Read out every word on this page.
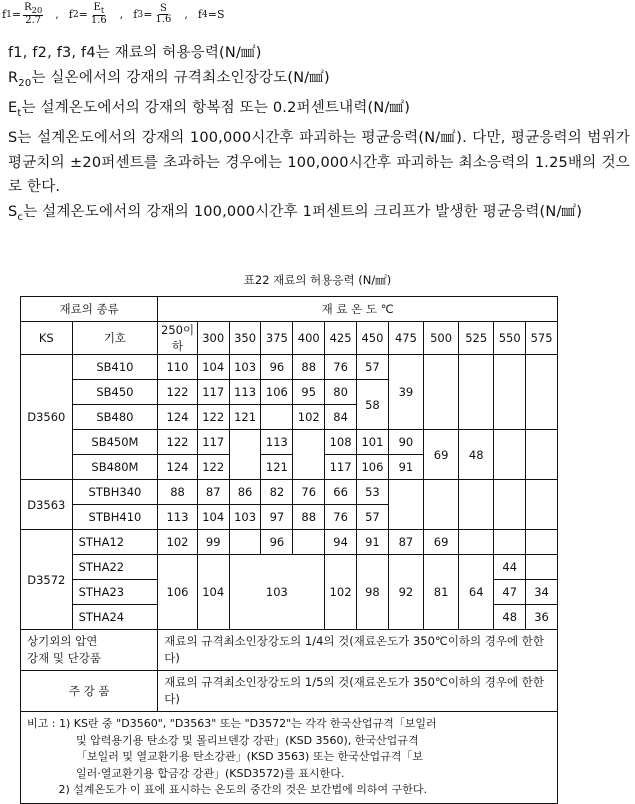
f $1 = \frac{R_{20}}{2.7}$ , f $2 = \frac{E_t}{1.6}$ , f $3 = \frac{S}{1.6}$ , f 4 = S

f1, f2, f3, f4는 재료의 허용응력(N/㎟)

$R_{20}$는 실온에서의 강재의 규격최소인장강도(N/㎟)

$E_t$는 설계온도에서의 강재의 항복점 또는 0.2퍼센트내력(N/㎟)

S는 설계온도에서의 강재의 100,000시간후 파괴하는 평균응력(N/㎟). 다만, 평균응력의 범위가 평균치의 ±20퍼센트를 초과하는 경우에는 100,000시간후 파괴하는 최소응력의 1.25배의 것으로 한다.

$S_c$는 설계온도에서의 강재의 100,000시간후 1퍼센트의 크리프가 발생한 평균응력(N/㎟)

표22 재료의 허용응력 (N/㎟)
재료의 종류		재 료 온 도 ℃											
KS	기호	250이하	300	350	375	400	425	450	475	500	525	550	575
D3560	SB410	110	104	103	96	88	76	57	39				
	SB450	122	117	113	106	95	80	58					
	SB480	124	122	121		102	84						
	SB450M	122	117		113		108	101	90	69	48		
	SB480M	124	122		121		117	106	91				
D3563	STBH340	88	87	86	82	76	66	53					
	STBH410	113	104	103	97	88	76	57					
D3572	STHA12	102	99		96		94	91	87	69			
	STHA22	106	104	103			102	98	92	81	64	44	
	STHA23											47	34
	STHA24											48	36
상기외의 압연
강재 및 단강품		재료의 규격최소인장강도의 1/4의 것(재료온도가 350℃이하의 경우에 한한다)											
주 강 품		재료의 규격최소인장강도의 1/5의 것(재료온도가 350℃이하의 경우에 한한다)											
비고 : 1) KS란 중 "D3560", "D3563" 또는 "D3572"는 각각 한국산업규격「보일러
및 압력용기용 탄소강 및 몰리브덴강 강판」(KSD 3560), 한국산업규격
「보일러 및 열교환기용 탄소강관」(KSD 3563) 또는 한국산업규격「보
일러·열교환기용 합금강 강관」(KSD3572)를 표시한다.
2) 설계온도가 이 표에 표시하는 온도의 중간의 것은 보간법에 의하여 구한다.													
